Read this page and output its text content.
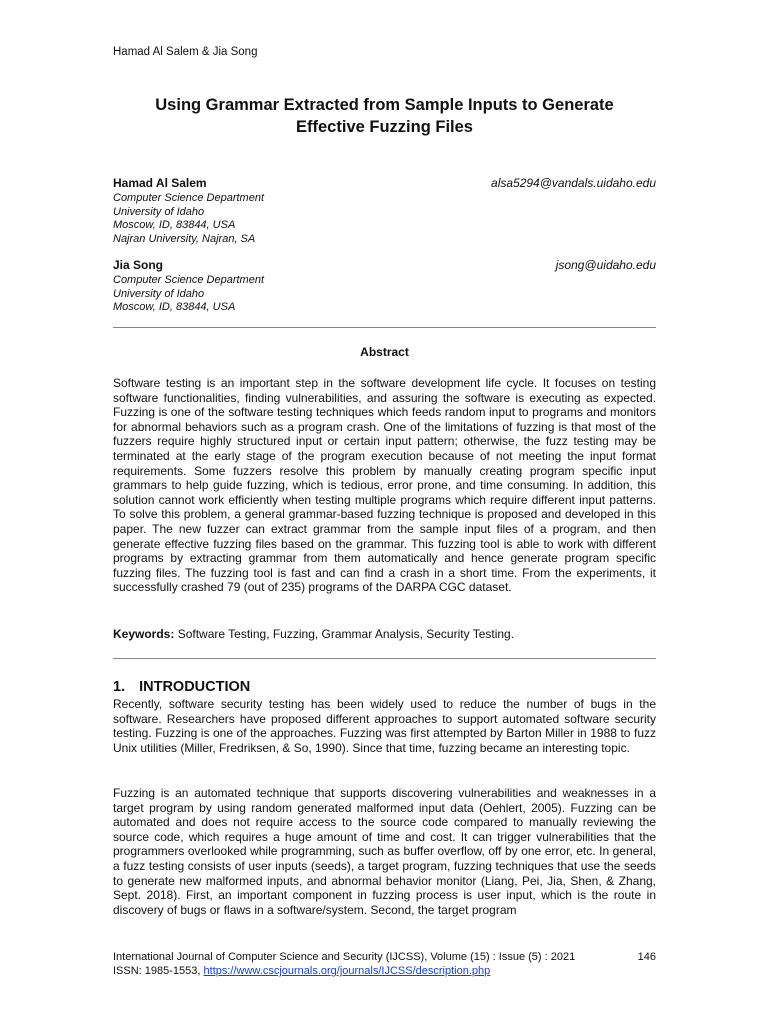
Hamad Al Salem & Jia Song
Using Grammar Extracted from Sample Inputs to Generate
Effective Fuzzing Files
Hamad Al Salem	alsa5294@vandals.uidaho.edu
Computer Science Department
University of Idaho
Moscow, ID, 83844, USA
Najran University, Najran, SA
Jia Song	jsong@uidaho.edu
Computer Science Department
University of Idaho
Moscow, ID, 83844, USA
Abstract

Software testing is an important step in the software development life cycle. It focuses on testing software functionalities, finding vulnerabilities, and assuring the software is executing as expected. Fuzzing is one of the software testing techniques which feeds random input to programs and monitors for abnormal behaviors such as a program crash. One of the limitations of fuzzing is that most of the fuzzers require highly structured input or certain input pattern; otherwise, the fuzz testing may be terminated at the early stage of the program execution because of not meeting the input format requirements. Some fuzzers resolve this problem by manually creating program specific input grammars to help guide fuzzing, which is tedious, error prone, and time consuming. In addition, this solution cannot work efficiently when testing multiple programs which require different input patterns. To solve this problem, a general grammar-based fuzzing technique is proposed and developed in this paper. The new fuzzer can extract grammar from the sample input files of a program, and then generate effective fuzzing files based on the grammar. This fuzzing tool is able to work with different programs by extracting grammar from them automatically and hence generate program specific fuzzing files. The fuzzing tool is fast and can find a crash in a short time. From the experiments, it successfully crashed 79 (out of 235) programs of the DARPA CGC dataset.

Keywords: Software Testing, Fuzzing, Grammar Analysis, Security Testing.
1. INTRODUCTION

Recently, software security testing has been widely used to reduce the number of bugs in the software. Researchers have proposed different approaches to support automated software security testing. Fuzzing is one of the approaches. Fuzzing was first attempted by Barton Miller in 1988 to fuzz Unix utilities (Miller, Fredriksen, & So, 1990). Since that time, fuzzing became an interesting topic.

Fuzzing is an automated technique that supports discovering vulnerabilities and weaknesses in a target program by using random generated malformed input data (Oehlert, 2005). Fuzzing can be automated and does not require access to the source code compared to manually reviewing the source code, which requires a huge amount of time and cost. It can trigger vulnerabilities that the programmers overlooked while programming, such as buffer overflow, off by one error, etc. In general, a fuzz testing consists of user inputs (seeds), a target program, fuzzing techniques that use the seeds to generate new malformed inputs, and abnormal behavior monitor (Liang, Pei, Jia, Shen, & Zhang, Sept. 2018). First, an important component in fuzzing process is user input, which is the route in discovery of bugs or flaws in a software/system. Second, the target program

International Journal of Computer Science and Security (IJCSS), Volume (15) : Issue (5) : 2021	146
ISSN: 1985-1553, https://www.cscjournals.org/journals/IJCSS/description.php
